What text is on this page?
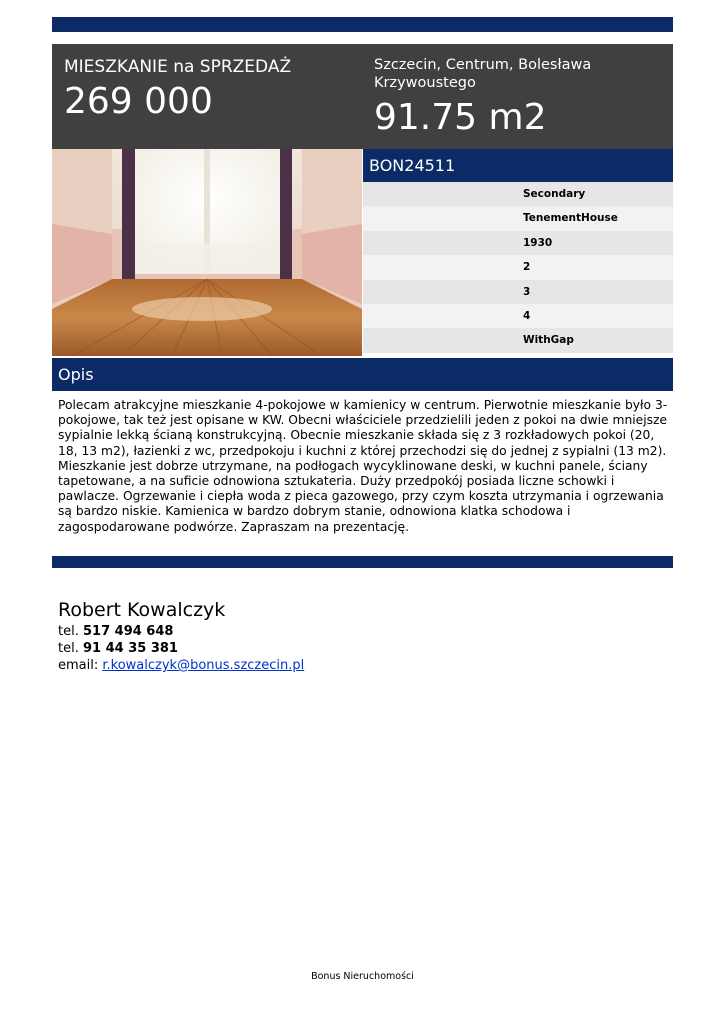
MIESZKANIE na SPRZEDAŻ
269 000
Szczecin, Centrum, Bolesława Krzywoustego
91.75 m2
BON24511
Secondary
TenementHouse
1930
2
3
4
WithGap
Opis
Polecam atrakcyjne mieszkanie 4-pokojowe w kamienicy w centrum. Pierwotnie mieszkanie było 3-pokojowe, tak też jest opisane w KW. Obecni właściciele przedzielili jeden z pokoi na dwie mniejsze sypialnie lekką ścianą konstrukcyjną. Obecnie mieszkanie składa się z 3 rozkładowych pokoi (20, 18, 13 m2), łazienki z wc, przedpokoju i kuchni z której przechodzi się do jednej z sypialni (13 m2). Mieszkanie jest dobrze utrzymane, na podłogach wycyklinowane deski, w kuchni panele, ściany tapetowane, a na suficie odnowiona sztukateria. Duży przedpokój posiada liczne schowki i pawlacze. Ogrzewanie i ciepła woda z pieca gazowego, przy czym koszta utrzymania i ogrzewania są bardzo niskie. Kamienica w bardzo dobrym stanie, odnowiona klatka schodowa i zagospodarowane podwórze. Zapraszam na prezentację.
Robert Kowalczyk
tel. 517 494 648
tel. 91 44 35 381
email: r.kowalczyk@bonus.szczecin.pl
Bonus Nieruchomości
